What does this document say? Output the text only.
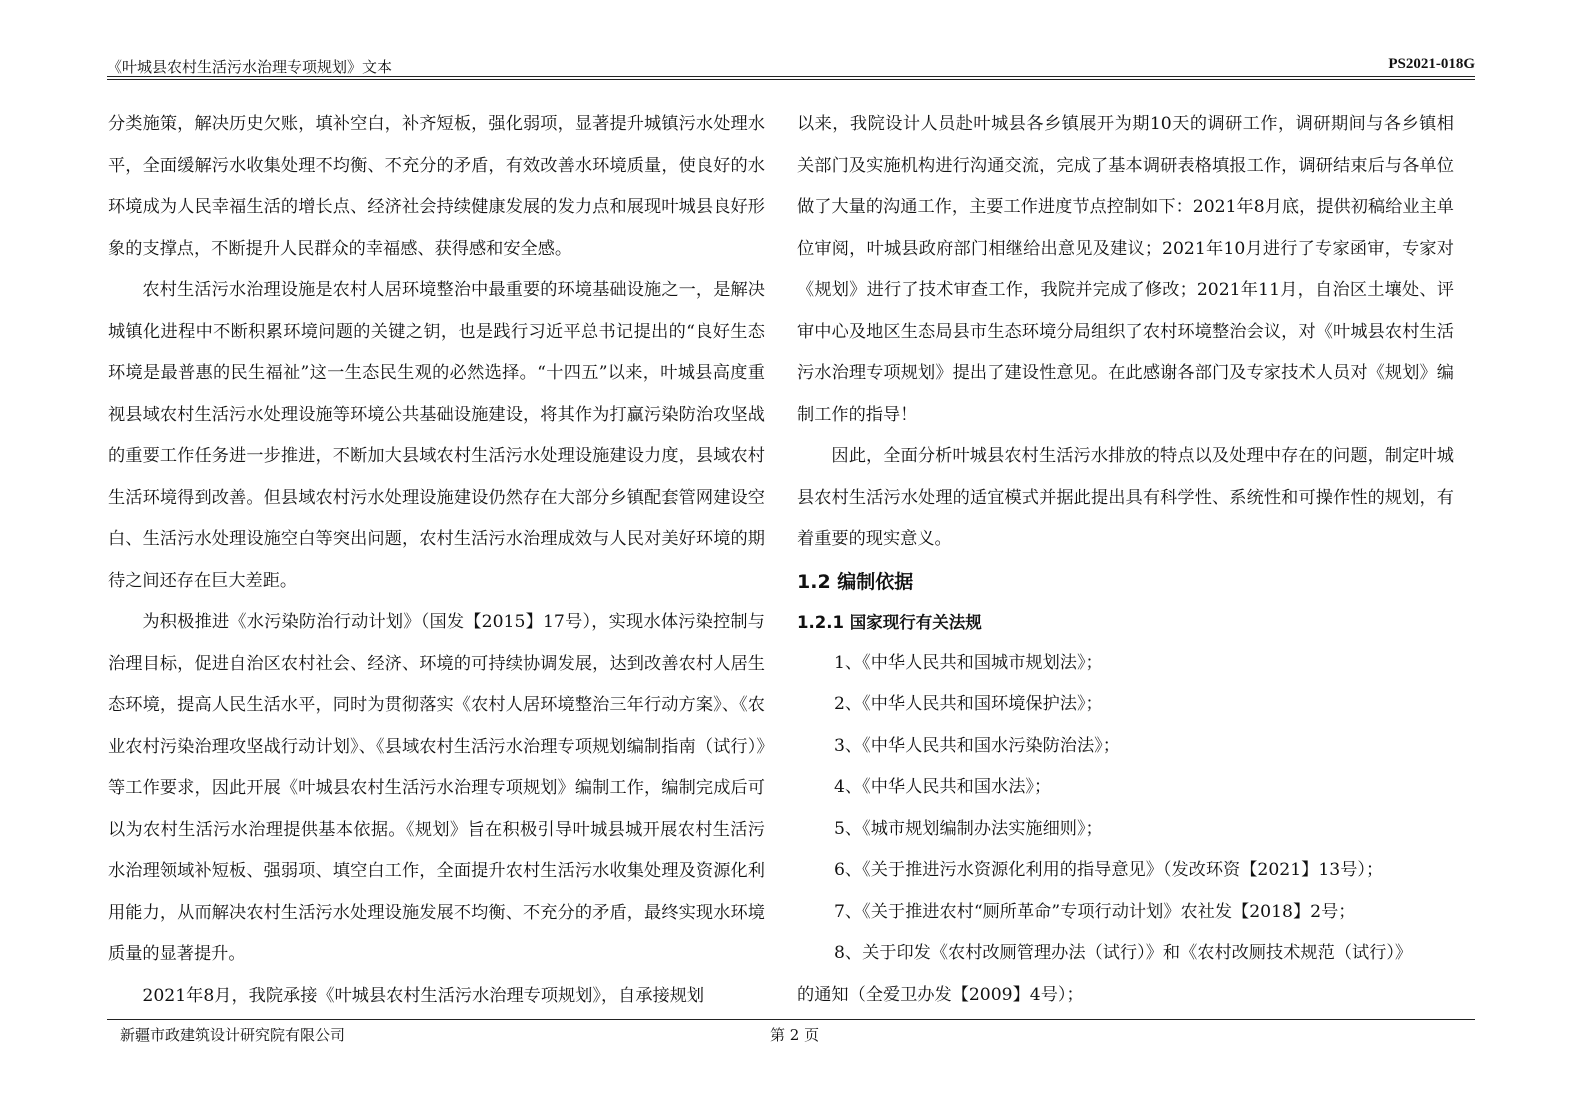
《叶城县农村生活污水治理专项规划》文本	PS2021-018G

分类施策，解决历史欠账，填补空白，补齐短板，强化弱项，显著提升城镇污水处理水平，全面缓解污水收集处理不均衡、不充分的矛盾，有效改善水环境质量，使良好的水环境成为人民幸福生活的增长点、经济社会持续健康发展的发力点和展现叶城县良好形象的支撑点，不断提升人民群众的幸福感、获得感和安全感。

农村生活污水治理设施是农村人居环境整治中最重要的环境基础设施之一，是解决城镇化进程中不断积累环境问题的关键之钥，也是践行习近平总书记提出的“良好生态环境是最普惠的民生福祉”这一生态民生观的必然选择。“十四五”以来，叶城县高度重视县域农村生活污水处理设施等环境公共基础设施建设，将其作为打赢污染防治攻坚战的重要工作任务进一步推进，不断加大县域农村生活污水处理设施建设力度，县域农村生活环境得到改善。但县域农村污水处理设施建设仍然存在大部分乡镇配套管网建设空白、生活污水处理设施空白等突出问题，农村生活污水治理成效与人民对美好环境的期待之间还存在巨大差距。

为积极推进《水污染防治行动计划》（国发【2015】17号），实现水体污染控制与治理目标，促进自治区农村社会、经济、环境的可持续协调发展，达到改善农村人居生态环境，提高人民生活水平，同时为贯彻落实《农村人居环境整治三年行动方案》、《农业农村污染治理攻坚战行动计划》、《县域农村生活污水治理专项规划编制指南（试行）》等工作要求，因此开展《叶城县农村生活污水治理专项规划》编制工作，编制完成后可以为农村生活污水治理提供基本依据。《规划》旨在积极引导叶城县城开展农村生活污水治理领域补短板、强弱项、填空白工作，全面提升农村生活污水收集处理及资源化利用能力，从而解决农村生活污水处理设施发展不均衡、不充分的矛盾，最终实现水环境质量的显著提升。

2021年8月，我院承接《叶城县农村生活污水治理专项规划》，自承接规划

以来，我院设计人员赴叶城县各乡镇展开为期10天的调研工作，调研期间与各乡镇相关部门及实施机构进行沟通交流，完成了基本调研表格填报工作，调研结束后与各单位做了大量的沟通工作，主要工作进度节点控制如下：2021年8月底，提供初稿给业主单位审阅，叶城县政府部门相继给出意见及建议；2021年10月进行了专家函审，专家对《规划》进行了技术审查工作，我院并完成了修改；2021年11月，自治区土壤处、评审中心及地区生态局县市生态环境分局组织了农村环境整治会议，对《叶城县农村生活污水治理专项规划》提出了建设性意见。在此感谢各部门及专家技术人员对《规划》编制工作的指导！

因此，全面分析叶城县农村生活污水排放的特点以及处理中存在的问题，制定叶城县农村生活污水处理的适宜模式并据此提出具有科学性、系统性和可操作性的规划，有着重要的现实意义。

1.2 编制依据

1.2.1 国家现行有关法规

1、《中华人民共和国城市规划法》；

2、《中华人民共和国环境保护法》；

3、《中华人民共和国水污染防治法》；

4、《中华人民共和国水法》；

5、《城市规划编制办法实施细则》；

6、《关于推进污水资源化利用的指导意见》（发改环资【2021】13号）；

7、《关于推进农村“厕所革命”专项行动计划》农社发【2018】2号；

8、关于印发《农村改厕管理办法（试行）》和《农村改厕技术规范（试行）》

的通知（全爱卫办发【2009】4号）；

新疆市政建筑设计研究院有限公司	第 2 页
